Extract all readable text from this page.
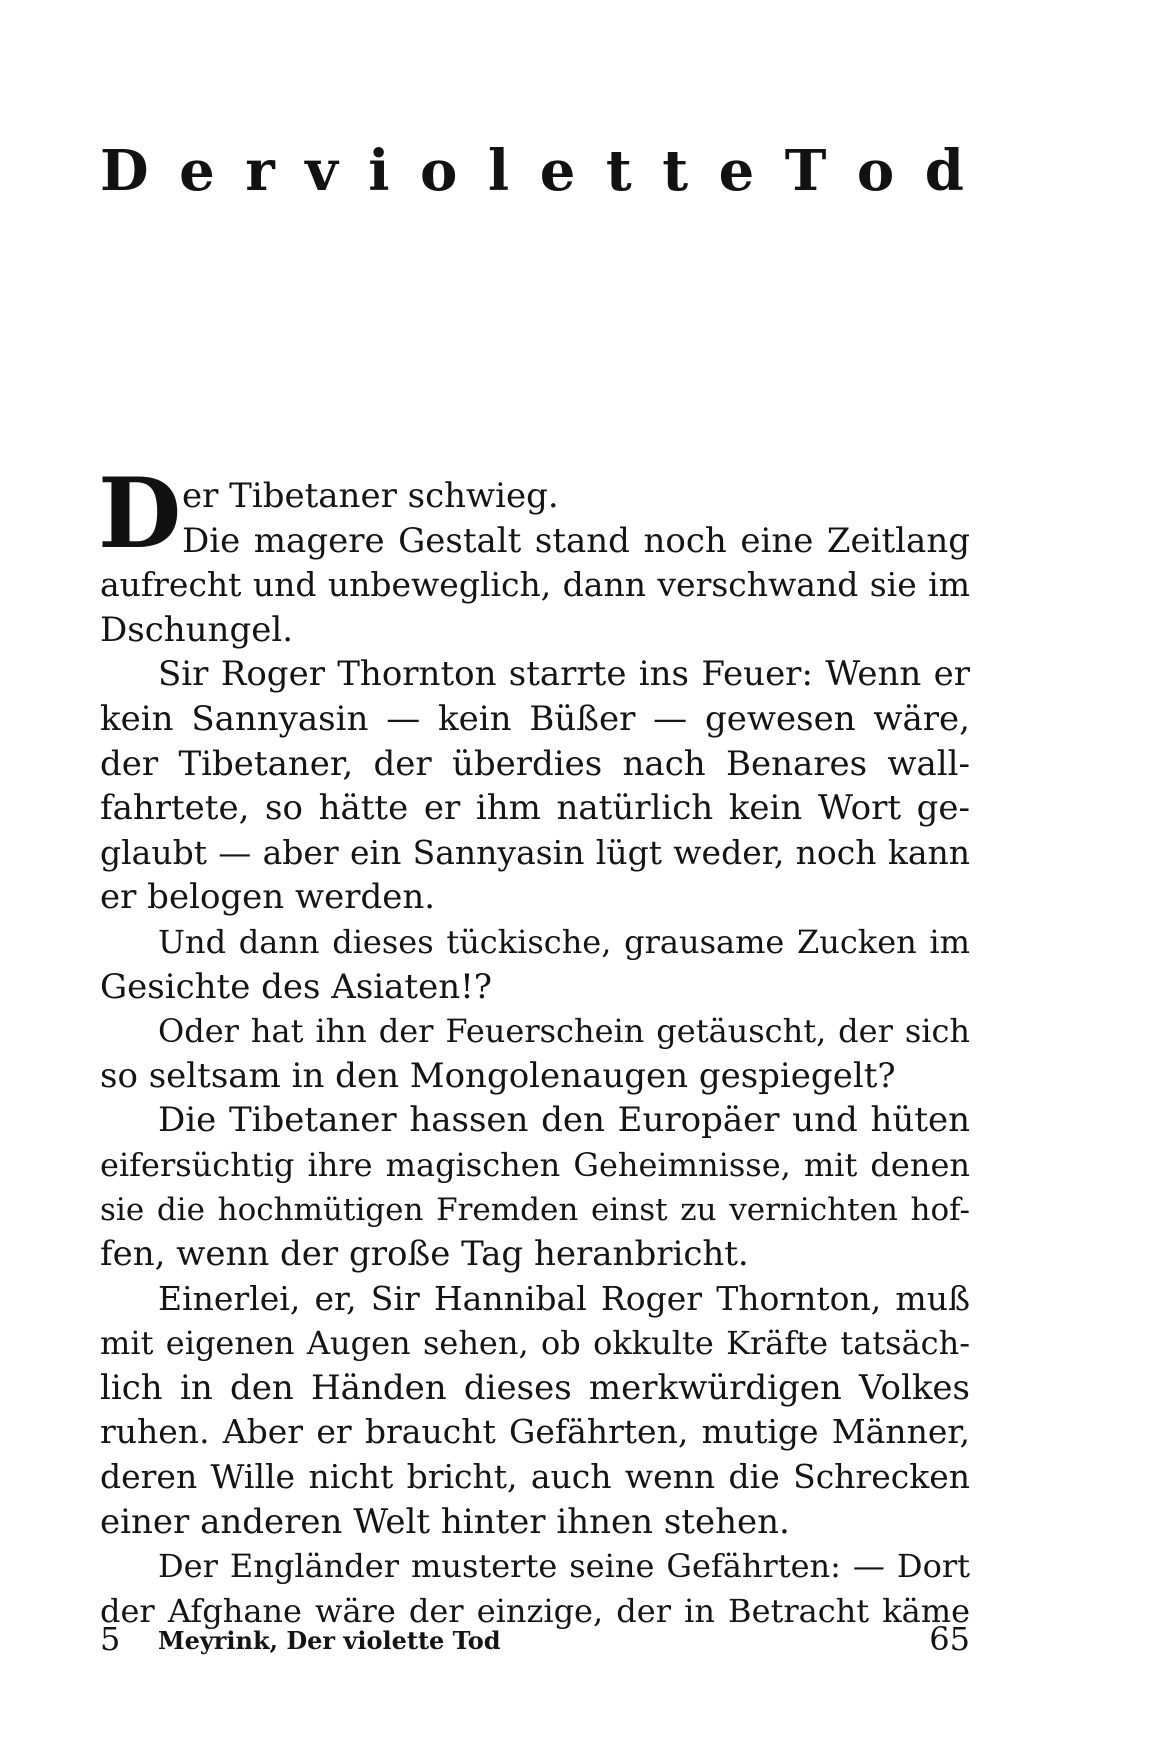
D e r v i o l e t t e T o d
D er Tibetaner schwieg.
Die magere Gestalt stand noch eine Zeitlang
aufrecht und unbeweglich, dann verschwand sie im
Dschungel.
Sir Roger Thornton starrte ins Feuer: Wenn er
kein Sannyasin — kein Büßer — gewesen wäre,
der Tibetaner, der überdies nach Benares wall-
fahrtete, so hätte er ihm natürlich kein Wort ge-
glaubt — aber ein Sannyasin lügt weder, noch kann
er belogen werden.
Und dann dieses tückische, grausame Zucken im
Gesichte des Asiaten!?
Oder hat ihn der Feuerschein getäuscht, der sich
so seltsam in den Mongolenaugen gespiegelt?
Die Tibetaner hassen den Europäer und hüten
eifersüchtig ihre magischen Geheimnisse, mit denen
sie die hochmütigen Fremden einst zu vernichten hof-
fen, wenn der große Tag heranbricht.
Einerlei, er, Sir Hannibal Roger Thornton, muß
mit eigenen Augen sehen, ob okkulte Kräfte tatsäch-
lich in den Händen dieses merkwürdigen Volkes
ruhen. Aber er braucht Gefährten, mutige Männer,
deren Wille nicht bricht, auch wenn die Schrecken
einer anderen Welt hinter ihnen stehen.
Der Engländer musterte seine Gefährten: — Dort
der Afghane wäre der einzige, der in Betracht käme
5 Meyrink, Der violette Tod	65
